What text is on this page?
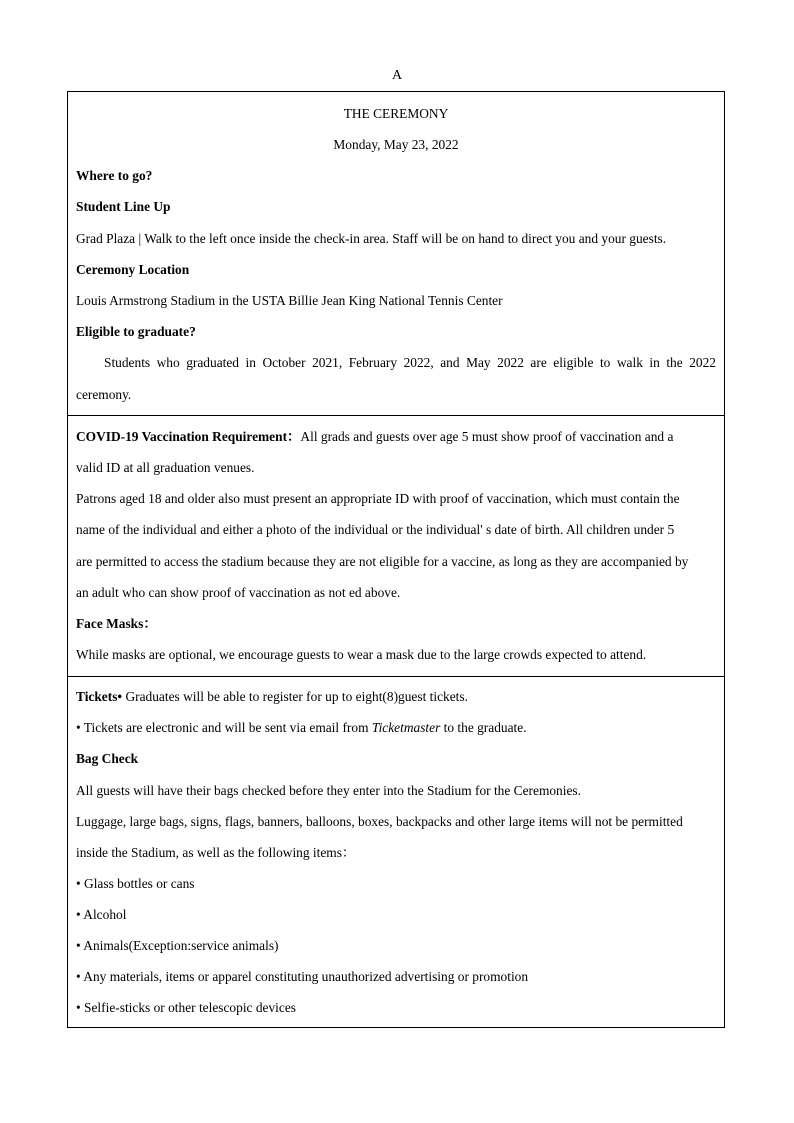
A
THE CEREMONY
Monday, May 23, 2022
Where to go?
Student Line Up
Grad Plaza | Walk to the left once inside the check-in area. Staff will be on hand to direct you and your guests.
Ceremony Location
Louis Armstrong Stadium in the USTA Billie Jean King National Tennis Center
Eligible to graduate?
Students who graduated in October 2021, February 2022, and May 2022 are eligible to walk in the 2022
ceremony.
COVID-19 Vaccination Requirement：All grads and guests over age 5 must show proof of vaccination and a
valid ID at all graduation venues.
Patrons aged 18 and older also must present an appropriate ID with proof of vaccination, which must contain the
name of the individual and either a photo of the individual or the individual' s date of birth. All children under 5
are permitted to access the stadium because they are not eligible for a vaccine, as long as they are accompanied by
an adult who can show proof of vaccination as not ed above.
Face Masks：
While masks are optional, we encourage guests to wear a mask due to the large crowds expected to attend.
Tickets• Graduates will be able to register for up to eight(8)guest tickets.
• Tickets are electronic and will be sent via email from Ticketmaster to the graduate.
Bag Check
All guests will have their bags checked before they enter into the Stadium for the Ceremonies.
Luggage, large bags, signs, flags, banners, balloons, boxes, backpacks and other large items will not be permitted
inside the Stadium, as well as the following items：
• Glass bottles or cans
• Alcohol
• Animals(Exception:service animals)
• Any materials, items or apparel constituting unauthorized advertising or promotion
• Selfie-sticks or other telescopic devices
